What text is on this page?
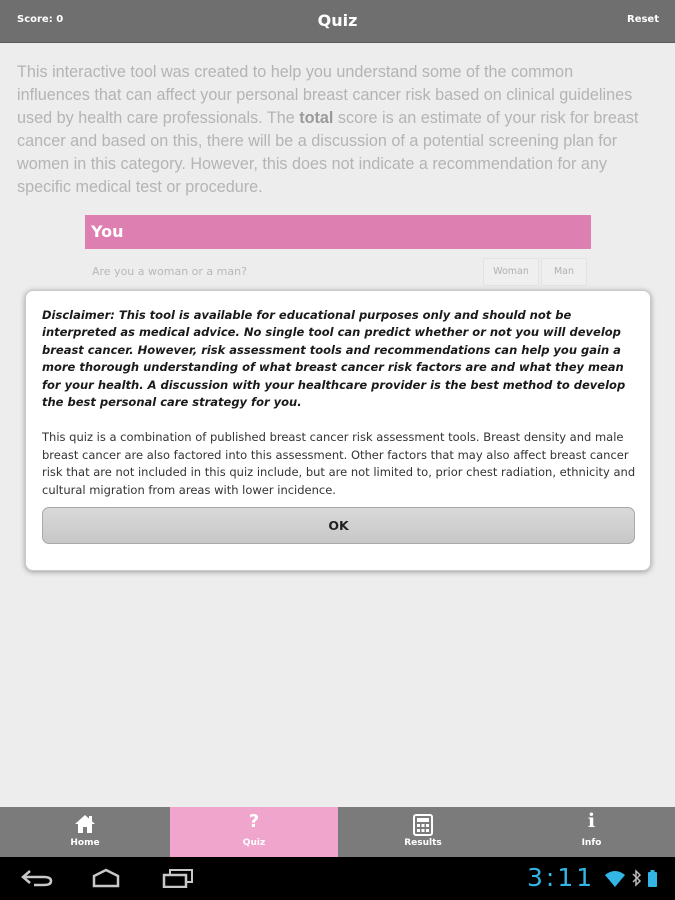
Score: 0	Quiz	Reset

This interactive tool was created to help you understand some of the common influences that can affect your personal breast cancer risk based on clinical guidelines used by health care professionals. The total score is an estimate of your risk for breast cancer and based on this, there will be a discussion of a potential screening plan for women in this category. However, this does not indicate a recommendation for any specific medical test or procedure.

You
Are you a woman or a man?	Woman	Man

Disclaimer: This tool is available for educational purposes only and should not be interpreted as medical advice. No single tool can predict whether or not you will develop breast cancer. However, risk assessment tools and recommendations can help you gain a more thorough understanding of what breast cancer risk factors are and what they mean for your health. A discussion with your healthcare provider is the best method to develop the best personal care strategy for you.

This quiz is a combination of published breast cancer risk assessment tools. Breast density and male breast cancer are also factored into this assessment. Other factors that may also affect breast cancer risk that are not included in this quiz include, but are not limited to, prior chest radiation, ethnicity and cultural migration from areas with lower incidence.

OK
Home
?
Quiz	Results
i
Info
3:11
